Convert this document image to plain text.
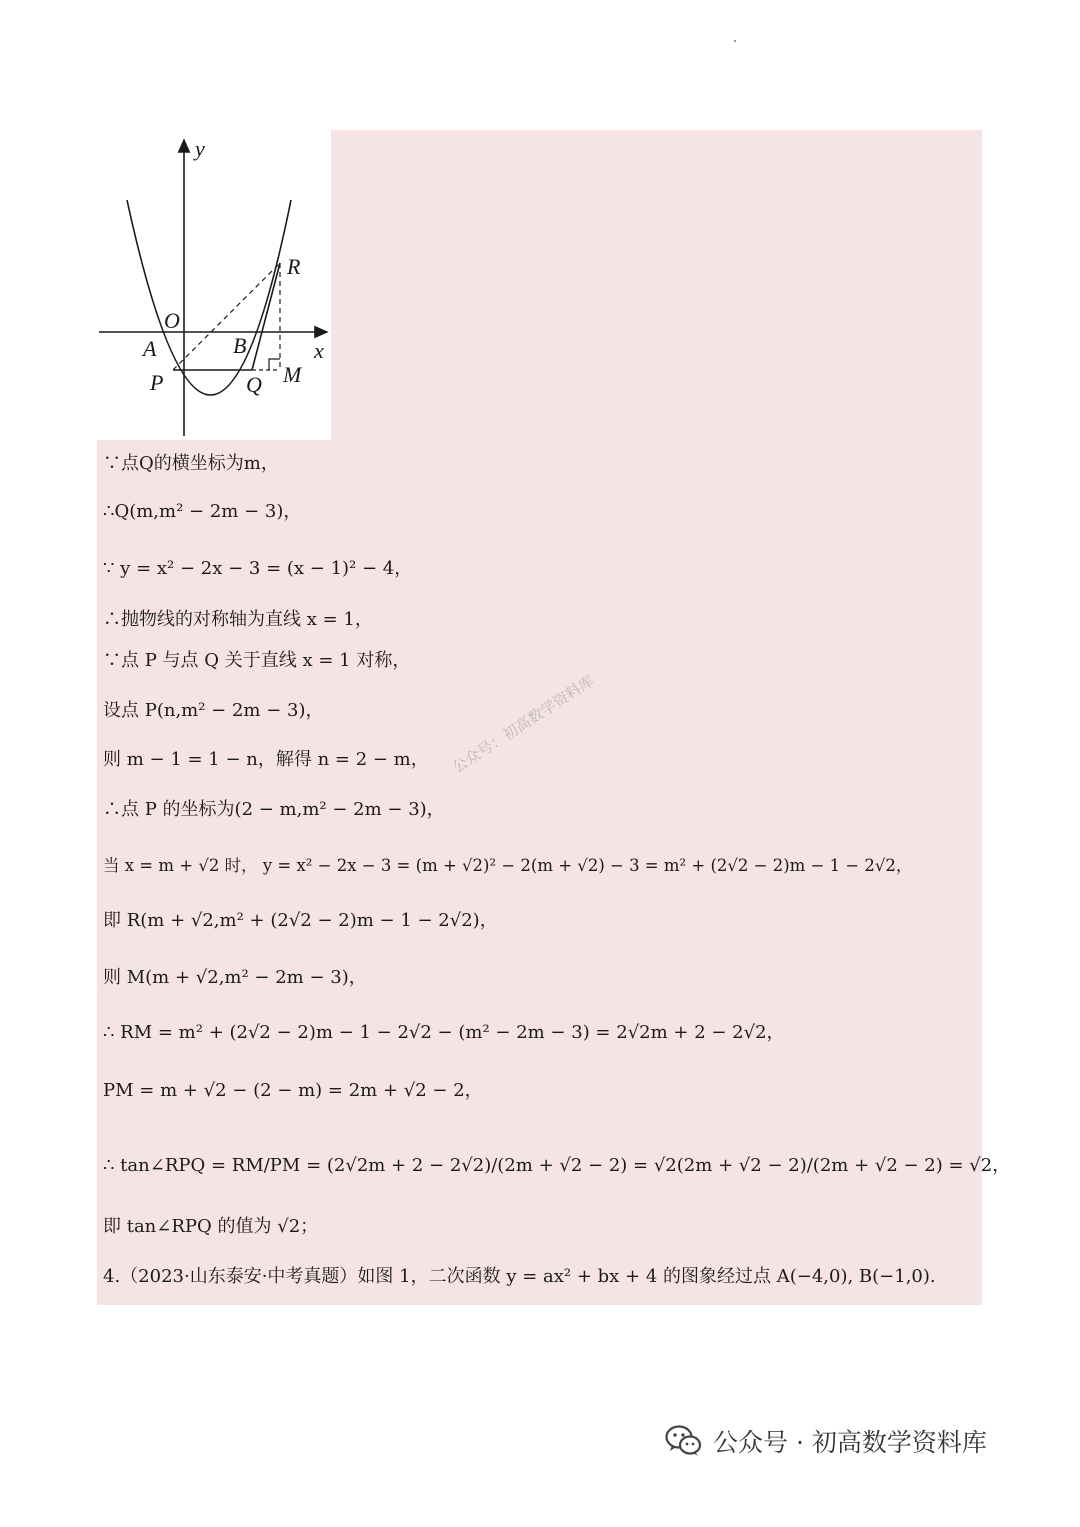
y
x
O
A	B
R
P	Q M
∵点Q的横坐标为m，
∴Q(m,m² − 2m − 3)，
∵ y = x² − 2x − 3 = (x − 1)² − 4，
∴抛物线的对称轴为直线 x = 1，
∵点 P 与点 Q 关于直线 x = 1 对称，
设点 P(n,m² − 2m − 3)，
则 m − 1 = 1 − n，解得 n = 2 − m，
∴点 P 的坐标为(2 − m,m² − 2m − 3)，
当 x = m + √2 时， y = x² − 2x − 3 = (m + √2)² − 2(m + √2) − 3 = m² + (2√2 − 2)m − 1 − 2√2，
即 R(m + √2,m² + (2√2 − 2)m − 1 − 2√2)，
则 M(m + √2,m² − 2m − 3)，
∴ RM = m² + (2√2 − 2)m − 1 − 2√2 − (m² − 2m − 3) = 2√2m + 2 − 2√2，
PM = m + √2 − (2 − m) = 2m + √2 − 2，
∴ tan∠RPQ = RM/PM = (2√2m + 2 − 2√2)/(2m + √2 − 2) = √2(2m + √2 − 2)/(2m + √2 − 2) = √2，
即 tan∠RPQ 的值为 √2；
4.（2023·山东泰安·中考真题）如图 1，二次函数 y = ax² + bx + 4 的图象经过点 A(−4,0), B(−1,0).
公众号：初高数学资料库
公众号 · 初高数学资料库
